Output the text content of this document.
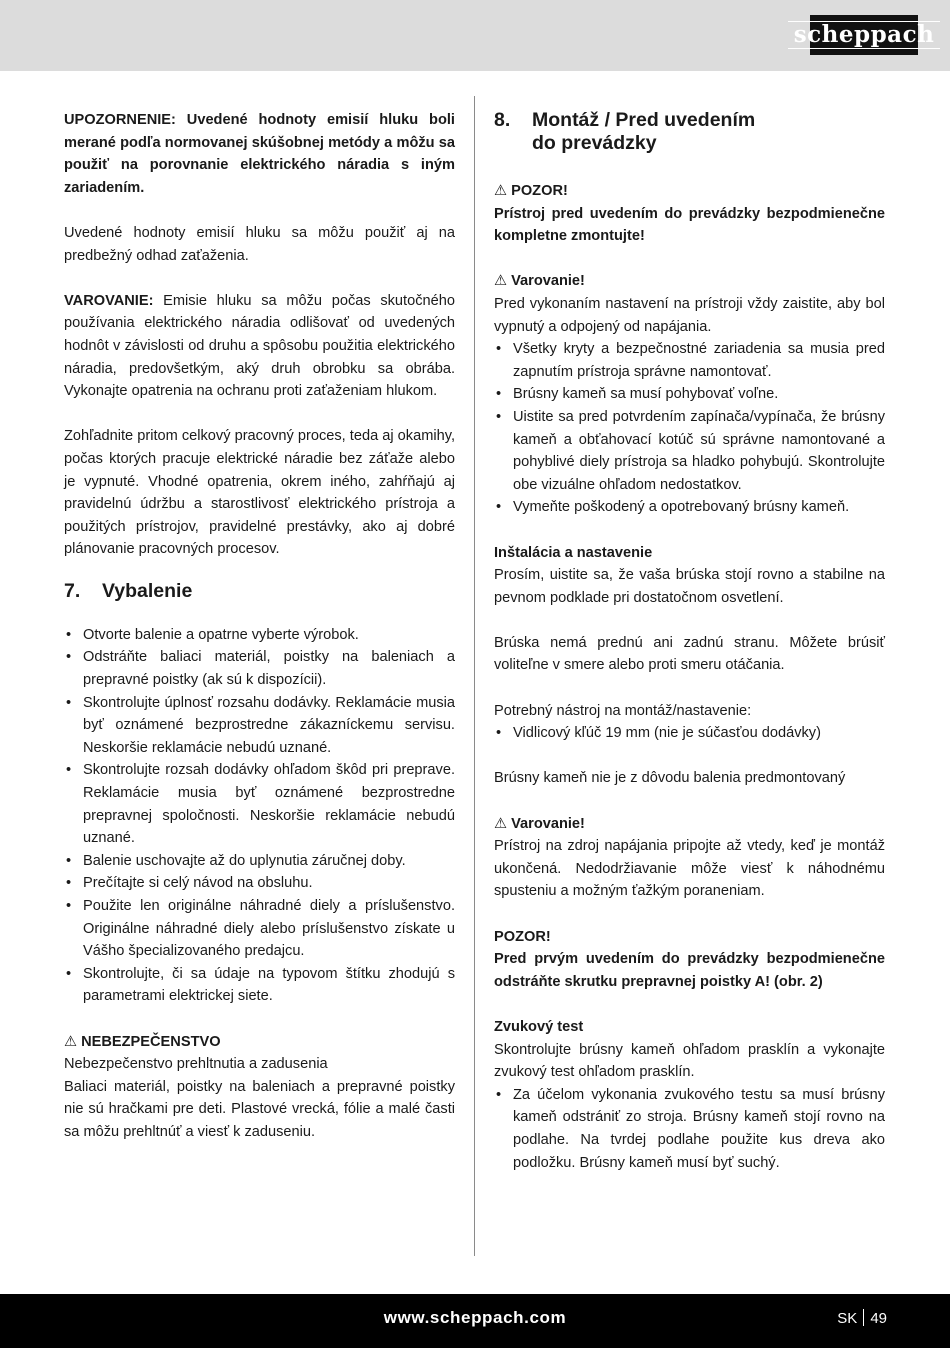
scheppach

UPOZORNENIE: Uvedené hodnoty emisií hluku boli merané podľa normovanej skúšobnej metódy a môžu sa použiť na porovnanie elektrického náradia s iným zariadením.

Uvedené hodnoty emisií hluku sa môžu použiť aj na predbežný odhad zaťaženia.

VAROVANIE: Emisie hluku sa môžu počas skutočného používania elektrického náradia odlišovať od uvedených hodnôt v závislosti od druhu a spôsobu použitia elektrického náradia, predovšetkým, aký druh obrobku sa obrába. Vykonajte opatrenia na ochranu proti zaťaženiam hlukom.

Zohľadnite pritom celkový pracovný proces, teda aj okamihy, počas ktorých pracuje elektrické náradie bez záťaže alebo je vypnuté. Vhodné opatrenia, okrem iného, zahŕňajú aj pravidelnú údržbu a starostlivosť elektrického prístroja a použitých prístrojov, pravidelné prestávky, ako aj dobré plánovanie pracovných procesov.

7.	Vybalenie
• Otvorte balenie a opatrne vyberte výrobok.
• Odstráňte baliaci materiál, poistky na baleniach a prepravné poistky (ak sú k dispozícii).
• Skontrolujte úplnosť rozsahu dodávky. Reklamácie musia byť oznámené bezprostredne zákazníckemu servisu. Neskoršie reklamácie nebudú uznané.
• Skontrolujte rozsah dodávky ohľadom škôd pri preprave. Reklamácie musia byť oznámené bezprostredne prepravnej spoločnosti. Neskoršie reklamácie nebudú uznané.
• Balenie uschovajte až do uplynutia záručnej doby.
• Prečítajte si celý návod na obsluhu.
• Použite len originálne náhradné diely a príslušenstvo. Originálne náhradné diely alebo príslušenstvo získate u Vášho špecializovaného predajcu.
• Skontrolujte, či sa údaje na typovom štítku zhodujú s parametrami elektrickej siete.

⚠ NEBEZPEČENSTVO

Nebezpečenstvo prehltnutia a zadusenia

Baliaci materiál, poistky na baleniach a prepravné poistky nie sú hračkami pre deti. Plastové vrecká, fólie a malé časti sa môžu prehltnúť a viesť k zaduseniu.

8.	Montáž / Pred uvedením
do prevádzky

⚠ POZOR!

Prístroj pred uvedením do prevádzky bezpodmienečne kompletne zmontujte!

⚠ Varovanie!

Pred vykonaním nastavení na prístroji vždy zaistite, aby bol vypnutý a odpojený od napájania.

• Všetky kryty a bezpečnostné zariadenia sa musia pred zapnutím prístroja správne namontovať.
• Brúsny kameň sa musí pohybovať voľne.
• Uistite sa pred potvrdením zapínača/vypínača, že brúsny kameň a obťahovací kotúč sú správne namontované a pohyblivé diely prístroja sa hladko pohybujú. Skontrolujte obe vizuálne ohľadom nedostatkov.
• Vymeňte poškodený a opotrebovaný brúsny kameň.

Inštalácia a nastavenie

Prosím, uistite sa, že vaša brúska stojí rovno a stabilne na pevnom podklade pri dostatočnom osvetlení.

Brúska nemá prednú ani zadnú stranu. Môžete brúsiť voliteľne v smere alebo proti smeru otáčania.

Potrebný nástroj na montáž/nastavenie:

• Vidlicový kľúč 19 mm (nie je súčasťou dodávky)

Brúsny kameň nie je z dôvodu balenia predmontovaný

⚠ Varovanie!

Prístroj na zdroj napájania pripojte až vtedy, keď je montáž ukončená. Nedodržiavanie môže viesť k náhodnému spusteniu a možným ťažkým poraneniam.

POZOR!

Pred prvým uvedením do prevádzky bezpodmienečne odstráňte skrutku prepravnej poistky A! (obr. 2)

Zvukový test

Skontrolujte brúsny kameň ohľadom prasklín a vykonajte zvukový test ohľadom prasklín.

• Za účelom vykonania zvukového testu sa musí brúsny kameň odstrániť zo stroja. Brúsny kameň stojí rovno na podlahe. Na tvrdej podlahe použite kus dreva ako podložku. Brúsny kameň musí byť suchý.
www.scheppach.com	SK 49
